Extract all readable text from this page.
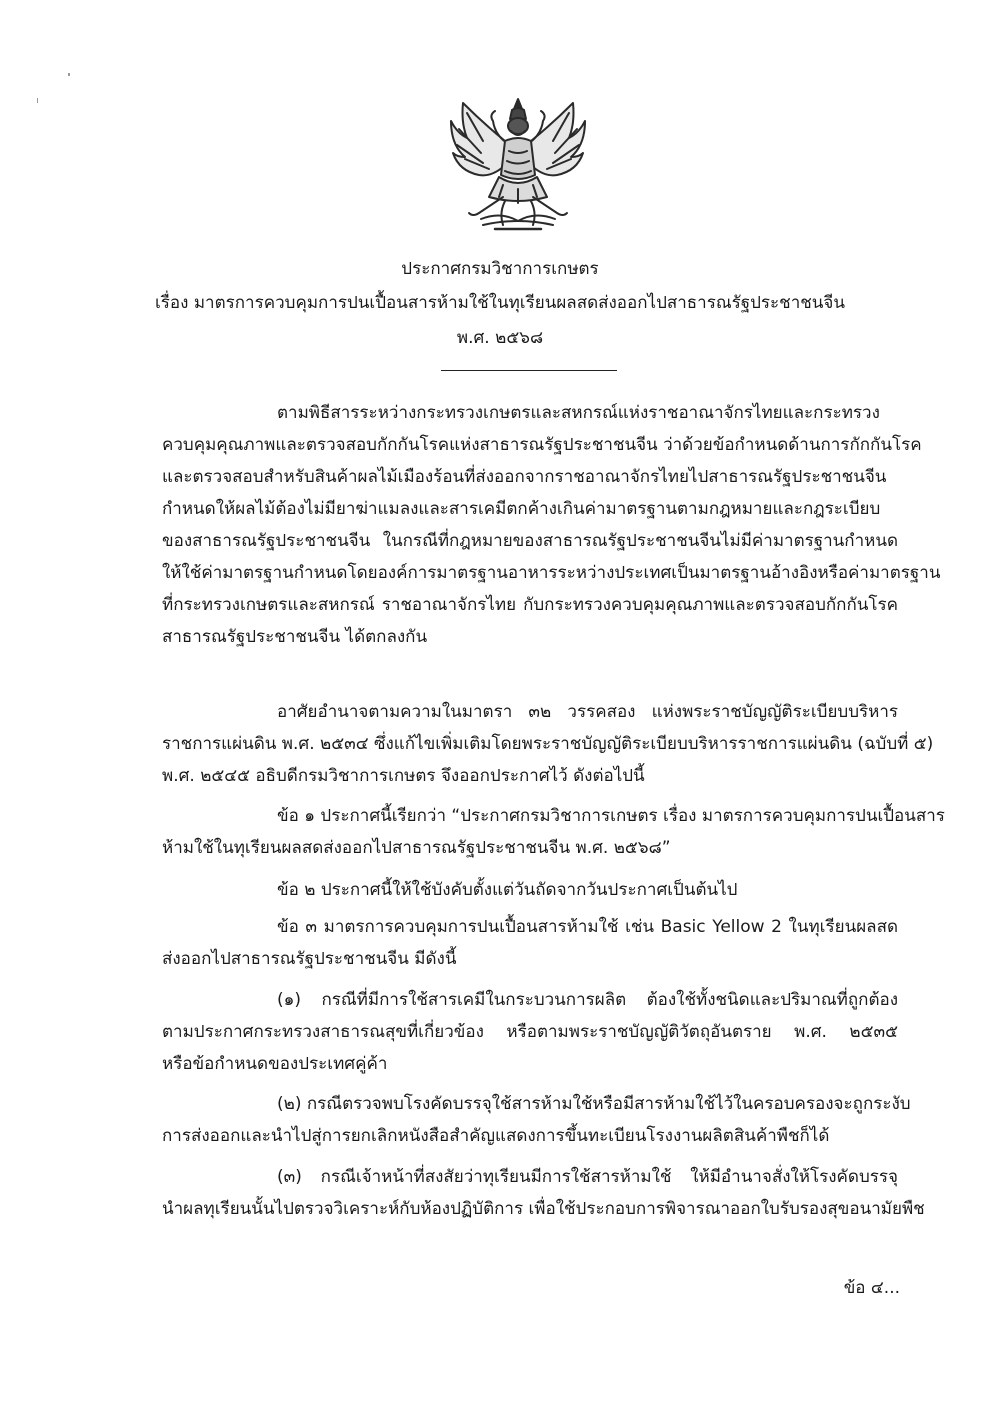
ประกาศกรมวิชาการเกษตร
เรื่อง มาตรการควบคุมการปนเปื้อนสารห้ามใช้ในทุเรียนผลสดส่งออกไปสาธารณรัฐประชาชนจีน
พ.ศ. ๒๕๖๘
ตามพิธีสารระหว่างกระทรวงเกษตรและสหกรณ์แห่งราชอาณาจักรไทยและกระทรวง
ควบคุมคุณภาพและตรวจสอบกักกันโรคแห่งสาธารณรัฐประชาชนจีน ว่าด้วยข้อกำหนดด้านการกักกันโรค
และตรวจสอบสำหรับสินค้าผลไม้เมืองร้อนที่ส่งออกจากราชอาณาจักรไทยไปสาธารณรัฐประชาชนจีน
กำหนดให้ผลไม้ต้องไม่มียาฆ่าแมลงและสารเคมีตกค้างเกินค่ามาตรฐานตามกฎหมายและกฎระเบียบ
ของสาธารณรัฐประชาชนจีน ในกรณีที่กฎหมายของสาธารณรัฐประชาชนจีนไม่มีค่ามาตรฐานกำหนด
ให้ใช้ค่ามาตรฐานกำหนดโดยองค์การมาตรฐานอาหารระหว่างประเทศเป็นมาตรฐานอ้างอิงหรือค่ามาตรฐาน
ที่กระทรวงเกษตรและสหกรณ์ ราชอาณาจักรไทย กับกระทรวงควบคุมคุณภาพและตรวจสอบกักกันโรค
สาธารณรัฐประชาชนจีน ได้ตกลงกัน
อาศัยอำนาจตามความในมาตรา ๓๒ วรรคสอง แห่งพระราชบัญญัติระเบียบบริหาร
ราชการแผ่นดิน พ.ศ. ๒๕๓๔ ซึ่งแก้ไขเพิ่มเติมโดยพระราชบัญญัติระเบียบบริหารราชการแผ่นดิน (ฉบับที่ ๕)
พ.ศ. ๒๕๔๕ อธิบดีกรมวิชาการเกษตร จึงออกประกาศไว้ ดังต่อไปนี้
ข้อ ๑ ประกาศนี้เรียกว่า “ประกาศกรมวิชาการเกษตร เรื่อง มาตรการควบคุมการปนเปื้อนสาร
ห้ามใช้ในทุเรียนผลสดส่งออกไปสาธารณรัฐประชาชนจีน พ.ศ. ๒๕๖๘”
ข้อ ๒ ประกาศนี้ให้ใช้บังคับตั้งแต่วันถัดจากวันประกาศเป็นต้นไป
ข้อ ๓ มาตรการควบคุมการปนเปื้อนสารห้ามใช้ เช่น Basic Yellow 2 ในทุเรียนผลสด
ส่งออกไปสาธารณรัฐประชาชนจีน มีดังนี้
(๑) กรณีที่มีการใช้สารเคมีในกระบวนการผลิต ต้องใช้ทั้งชนิดและปริมาณที่ถูกต้อง
ตามประกาศกระทรวงสาธารณสุขที่เกี่ยวข้อง หรือตามพระราชบัญญัติวัตถุอันตราย พ.ศ. ๒๕๓๕
หรือข้อกำหนดของประเทศคู่ค้า
(๒) กรณีตรวจพบโรงคัดบรรจุใช้สารห้ามใช้หรือมีสารห้ามใช้ไว้ในครอบครองจะถูกระงับ
การส่งออกและนำไปสู่การยกเลิกหนังสือสำคัญแสดงการขึ้นทะเบียนโรงงานผลิตสินค้าพืชก็ได้
(๓) กรณีเจ้าหน้าที่สงสัยว่าทุเรียนมีการใช้สารห้ามใช้ ให้มีอำนาจสั่งให้โรงคัดบรรจุ
นำผลทุเรียนนั้นไปตรวจวิเคราะห์กับห้องปฏิบัติการ เพื่อใช้ประกอบการพิจารณาออกใบรับรองสุขอนามัยพืช
ข้อ ๔...
